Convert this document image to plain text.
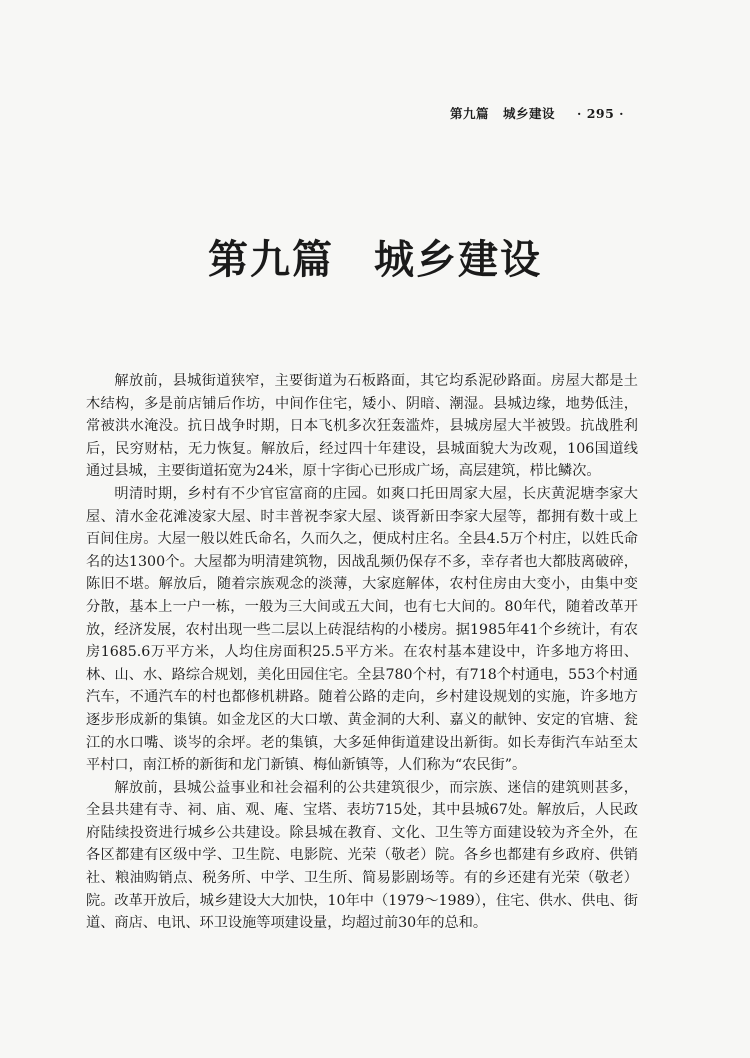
第九篇 城乡建设 · 295 ·
第九篇 城乡建设

解放前，县城街道狭窄，主要街道为石板路面，其它均系泥砂路面。房屋大都是土木结构，多是前店铺后作坊，中间作住宅，矮小、阴暗、潮湿。县城边缘，地势低洼，常被洪水淹没。抗日战争时期，日本飞机多次狂轰滥炸，县城房屋大半被毁。抗战胜利后，民穷财枯，无力恢复。解放后，经过四十年建设，县城面貌大为改观，106国道线通过县城，主要街道拓宽为24米，原十字街心已形成广场，高层建筑，栉比鳞次。

明清时期，乡村有不少官宦富商的庄园。如爽口托田周家大屋，长庆黄泥塘李家大屋、清水金花滩凌家大屋、时丰普祝李家大屋、谈胥新田李家大屋等，都拥有数十或上百间住房。大屋一般以姓氏命名，久而久之，便成村庄名。全县4.5万个村庄，以姓氏命名的达1300个。大屋都为明清建筑物，因战乱频仍保存不多，幸存者也大都肢离破碎，陈旧不堪。解放后，随着宗族观念的淡薄，大家庭解体，农村住房由大变小，由集中变分散，基本上一户一栋，一般为三大间或五大间，也有七大间的。80年代，随着改革开放，经济发展，农村出现一些二层以上砖混结构的小楼房。据1985年41个乡统计，有农房1685.6万平方米，人均住房面积25.5平方米。在农村基本建设中，许多地方将田、林、山、水、路综合规划，美化田园住宅。全县780个村，有718个村通电，553个村通汽车，不通汽车的村也都修机耕路。随着公路的走向，乡村建设规划的实施，许多地方逐步形成新的集镇。如金龙区的大口墩、黄金洞的大利、嘉义的献钟、安定的官塘、瓮江的水口嘴、谈岑的余坪。老的集镇，大多延伸街道建设出新街。如长寿街汽车站至太平村口，南江桥的新街和龙门新镇、梅仙新镇等，人们称为“农民街”。

解放前，县城公益事业和社会福利的公共建筑很少，而宗族、迷信的建筑则甚多，全县共建有寺、祠、庙、观、庵、宝塔、表坊715处，其中县城67处。解放后，人民政府陆续投资进行城乡公共建设。除县城在教育、文化、卫生等方面建设较为齐全外，在各区都建有区级中学、卫生院、电影院、光荣（敬老）院。各乡也都建有乡政府、供销社、粮油购销点、税务所、中学、卫生所、简易影剧场等。有的乡还建有光荣（敬老）院。改革开放后，城乡建设大大加快，10年中（1979～1989），住宅、供水、供电、街道、商店、电讯、环卫设施等项建设量，均超过前30年的总和。
